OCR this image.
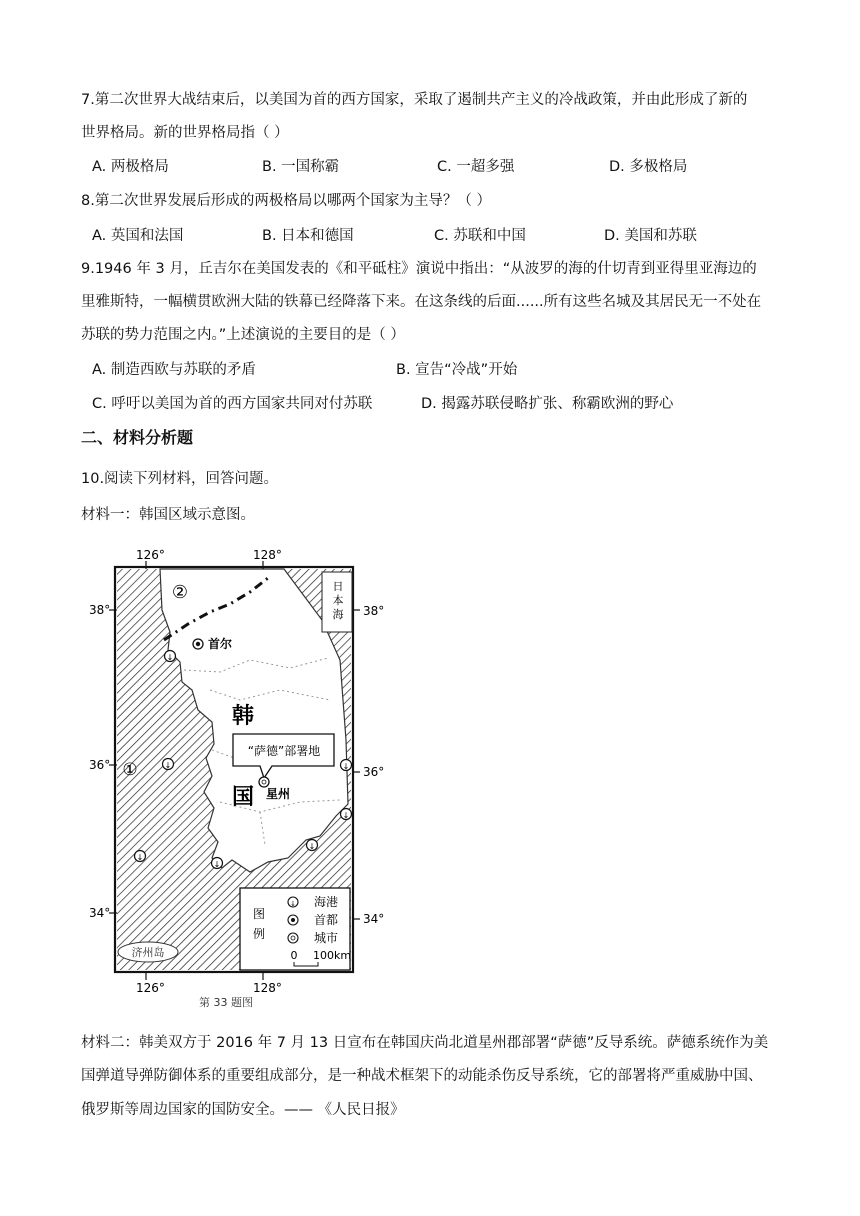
7.第二次世界大战结束后，以美国为首的西方国家，采取了遏制共产主义的冷战政策，并由此形成了新的
世界格局。新的世界格局指（ ）
A. 两极格局	B. 一国称霸	C. 一超多强	D. 多极格局
8.第二次世界发展后形成的两极格局以哪两个国家为主导？（ ）
A. 英国和法国	B. 日本和德国	C. 苏联和中国	D. 美国和苏联
9.1946 年 3 月，丘吉尔在美国发表的《和平砥柱》演说中指出：“从波罗的海的什切青到亚得里亚海边的
里雅斯特，一幅横贯欧洲大陆的铁幕已经降落下来。在这条线的后面......所有这些名城及其居民无一不处在
苏联的势力范围之内。”上述演说的主要目的是（ ）
A. 制造西欧与苏联的矛盾	B. 宣告“冷战”开始
C. 呼吁以美国为首的西方国家共同对付苏联	D. 揭露苏联侵略扩张、称霸欧洲的野心
二、材料分析题
10.阅读下列材料，回答问题。
材料一：韩国区域示意图。
日
本
海
济州岛
126°	128°
126°	128°
38°	38°
36°	36°
34°	34°
②
①
首尔
↓
↓
↓
↓
↓
↓
↓
韩
国
“萨德”部署地
星州
图
例
↓ 海港
首都
城市
0 100km
第 33 题图
材料二：韩美双方于 2016 年 7 月 13 日宣布在韩国庆尚北道星州郡部署“萨德”反导系统。萨德系统作为美
国弹道导弹防御体系的重要组成部分，是一种战术框架下的动能杀伤反导系统，它的部署将严重威胁中国、
俄罗斯等周边国家的国防安全。—— 《人民日报》
